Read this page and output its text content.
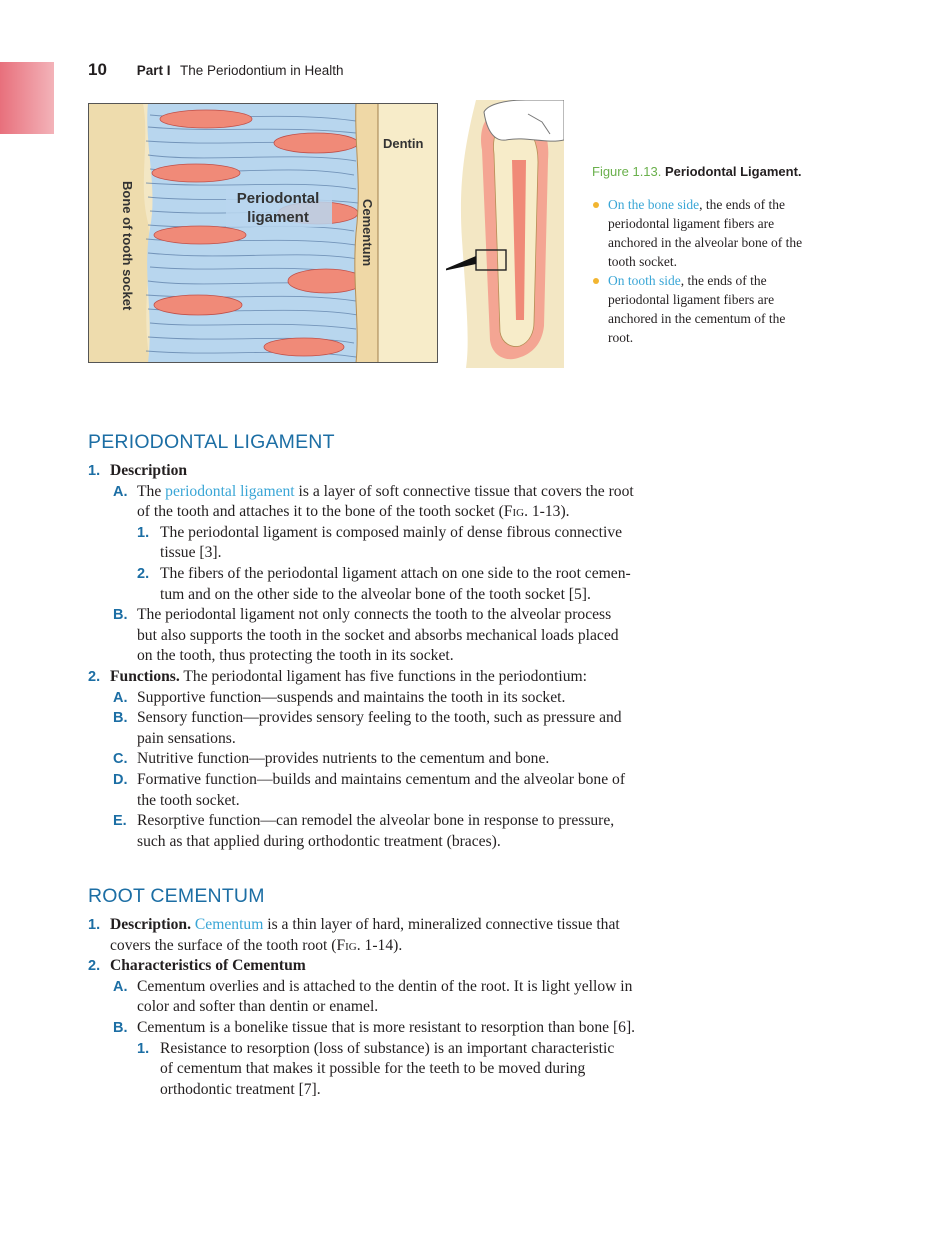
10 Part I The Periodontium in Health
Dentin
Periodontal
ligament
Bone of tooth socket	Cementum
Figure 1.13. Periodontal Ligament.
On the bone side, the ends of the periodontal ligament fibers are anchored in the alveolar bone of the tooth socket.
On tooth side, the ends of the periodontal ligament fibers are anchored in the cementum of the root.
PERIODONTAL LIGAMENT
1. Description
A. The periodontal ligament is a layer of soft connective tissue that covers the root
of the tooth and attaches it to the bone of the tooth socket (Fig. 1-13).
1. The periodontal ligament is composed mainly of dense fibrous connective
tissue [3].
2. The fibers of the periodontal ligament attach on one side to the root cemen-
tum and on the other side to the alveolar bone of the tooth socket [5].
B. The periodontal ligament not only connects the tooth to the alveolar process
but also supports the tooth in the socket and absorbs mechanical loads placed
on the tooth, thus protecting the tooth in its socket.
2. Functions. The periodontal ligament has five functions in the periodontium:
A. Supportive function—suspends and maintains the tooth in its socket.
B. Sensory function—provides sensory feeling to the tooth, such as pressure and
pain sensations.
C. Nutritive function—provides nutrients to the cementum and bone.
D. Formative function—builds and maintains cementum and the alveolar bone of
the tooth socket.
E. Resorptive function—can remodel the alveolar bone in response to pressure,
such as that applied during orthodontic treatment (braces).
ROOT CEMENTUM
1. Description. Cementum is a thin layer of hard, mineralized connective tissue that
covers the surface of the tooth root (Fig. 1-14).
2. Characteristics of Cementum
A. Cementum overlies and is attached to the dentin of the root. It is light yellow in
color and softer than dentin or enamel.
B. Cementum is a bonelike tissue that is more resistant to resorption than bone [6].
1. Resistance to resorption (loss of substance) is an important characteristic
of cementum that makes it possible for the teeth to be moved during
orthodontic treatment [7].
